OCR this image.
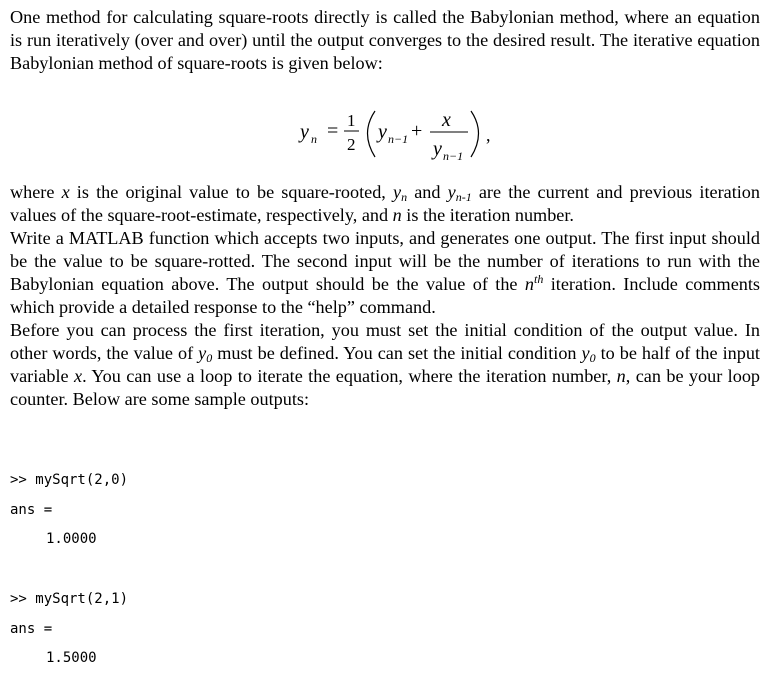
One method for calculating square-roots directly is called the Babylonian method, where an equation is run iteratively (over and over) until the output converges to the desired result. The iterative equation Babylonian method of square-roots is given below:

y n = 1
2
y n−1 + x
y n−1
,

where x is the original value to be square-rooted, $y_n$ and $y_{n-1}$ are the current and previous iteration values of the square-root-estimate, respectively, and n is the iteration number.

Write a MATLAB function which accepts two inputs, and generates one output. The first input should be the value to be square-rotted. The second input will be the number of iterations to run with the Babylonian equation above. The output should be the value of the $n^{th}$ iteration. Include comments which provide a detailed response to the “help” command.

Before you can process the first iteration, you must set the initial condition of the output value. In other words, the value of $y_0$ must be defined. You can set the initial condition $y_0$ to be half of the input variable x. You can use a loop to iterate the equation, where the iteration number, n, can be your loop counter. Below are some sample outputs:

>> mySqrt(2,0)
ans =
1.0000
>> mySqrt(2,1)
ans =
1.5000
